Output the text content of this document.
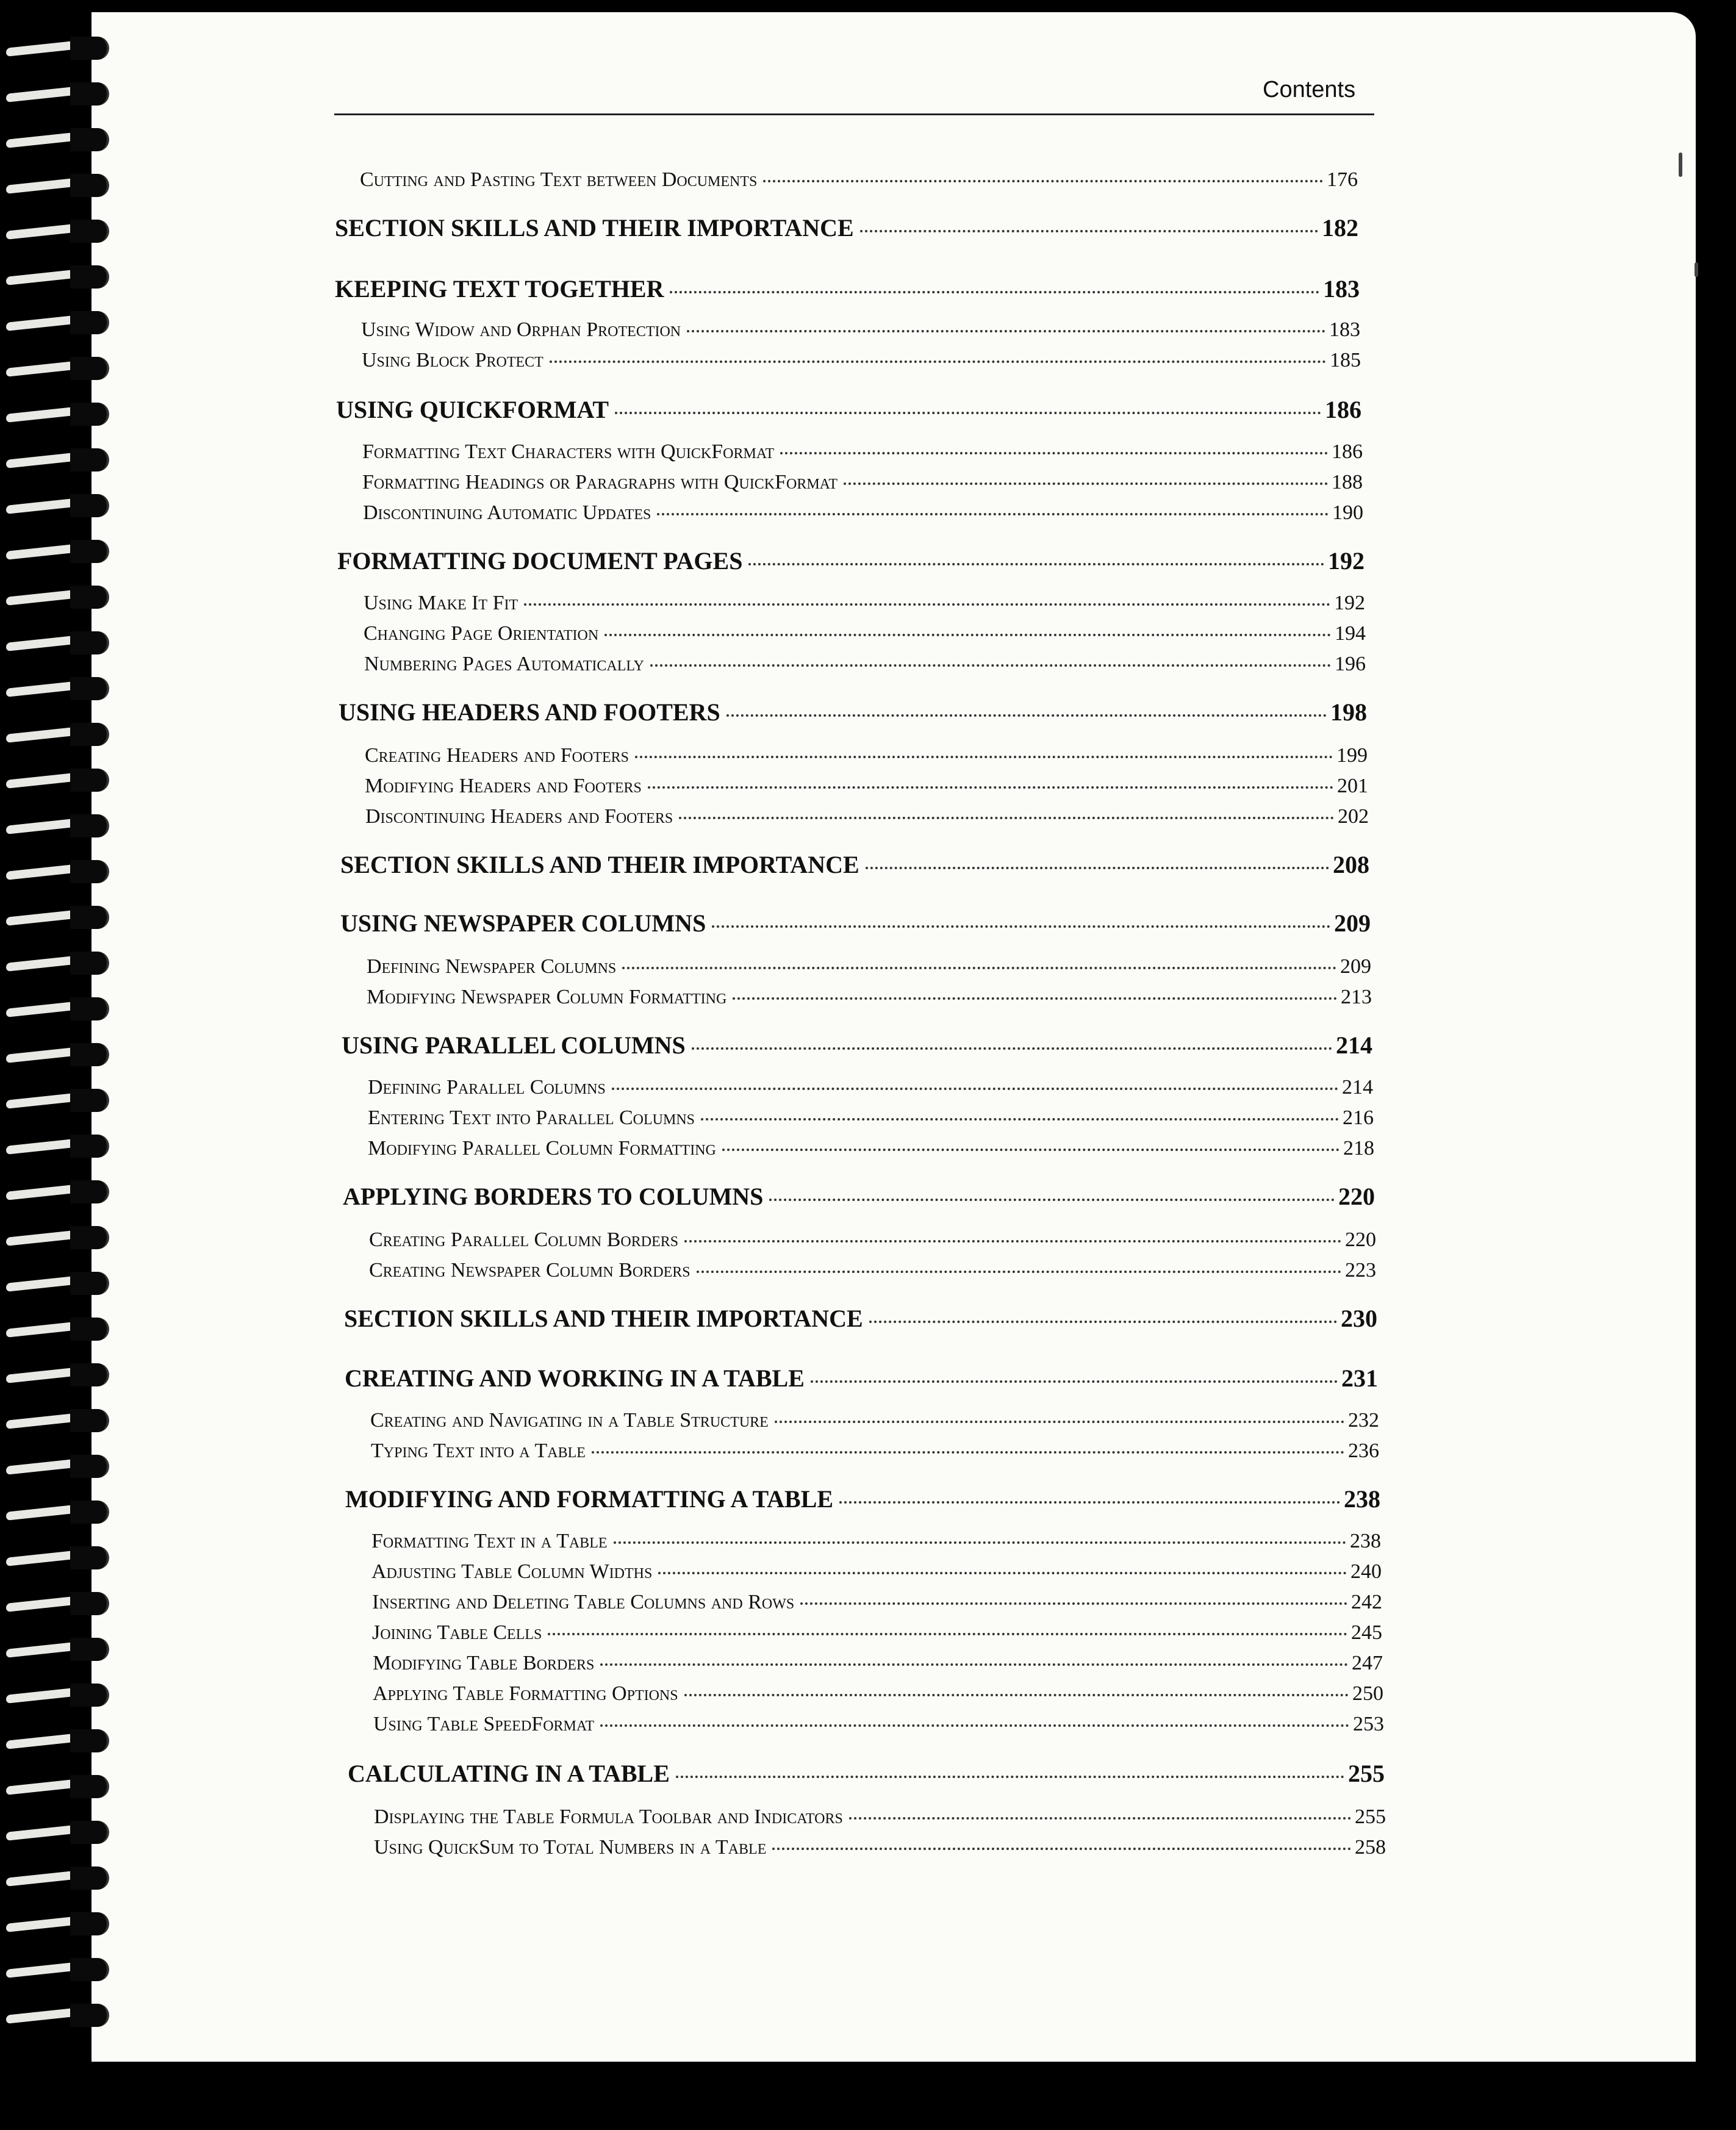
Contents
Cutting and Pasting Text between Documents	176
SECTION SKILLS AND THEIR IMPORTANCE	182
KEEPING TEXT TOGETHER	183
Using Widow and Orphan Protection	183
Using Block Protect	185
USING QUICKFORMAT	186
Formatting Text Characters with QuickFormat	186
Formatting Headings or Paragraphs with QuickFormat	188
Discontinuing Automatic Updates	190
FORMATTING DOCUMENT PAGES	192
Using Make It Fit	192
Changing Page Orientation	194
Numbering Pages Automatically	196
USING HEADERS AND FOOTERS	198
Creating Headers and Footers	199
Modifying Headers and Footers	201
Discontinuing Headers and Footers	202
SECTION SKILLS AND THEIR IMPORTANCE	208
USING NEWSPAPER COLUMNS	209
Defining Newspaper Columns	209
Modifying Newspaper Column Formatting	213
USING PARALLEL COLUMNS	214
Defining Parallel Columns	214
Entering Text into Parallel Columns	216
Modifying Parallel Column Formatting	218
APPLYING BORDERS TO COLUMNS	220
Creating Parallel Column Borders	220
Creating Newspaper Column Borders	223
SECTION SKILLS AND THEIR IMPORTANCE	230
CREATING AND WORKING IN A TABLE	231
Creating and Navigating in a Table Structure	232
Typing Text into a Table	236
MODIFYING AND FORMATTING A TABLE	238
Formatting Text in a Table	238
Adjusting Table Column Widths	240
Inserting and Deleting Table Columns and Rows	242
Joining Table Cells	245
Modifying Table Borders	247
Applying Table Formatting Options	250
Using Table SpeedFormat	253
CALCULATING IN A TABLE	255
Displaying the Table Formula Toolbar and Indicators	255
Using QuickSum to Total Numbers in a Table	258
